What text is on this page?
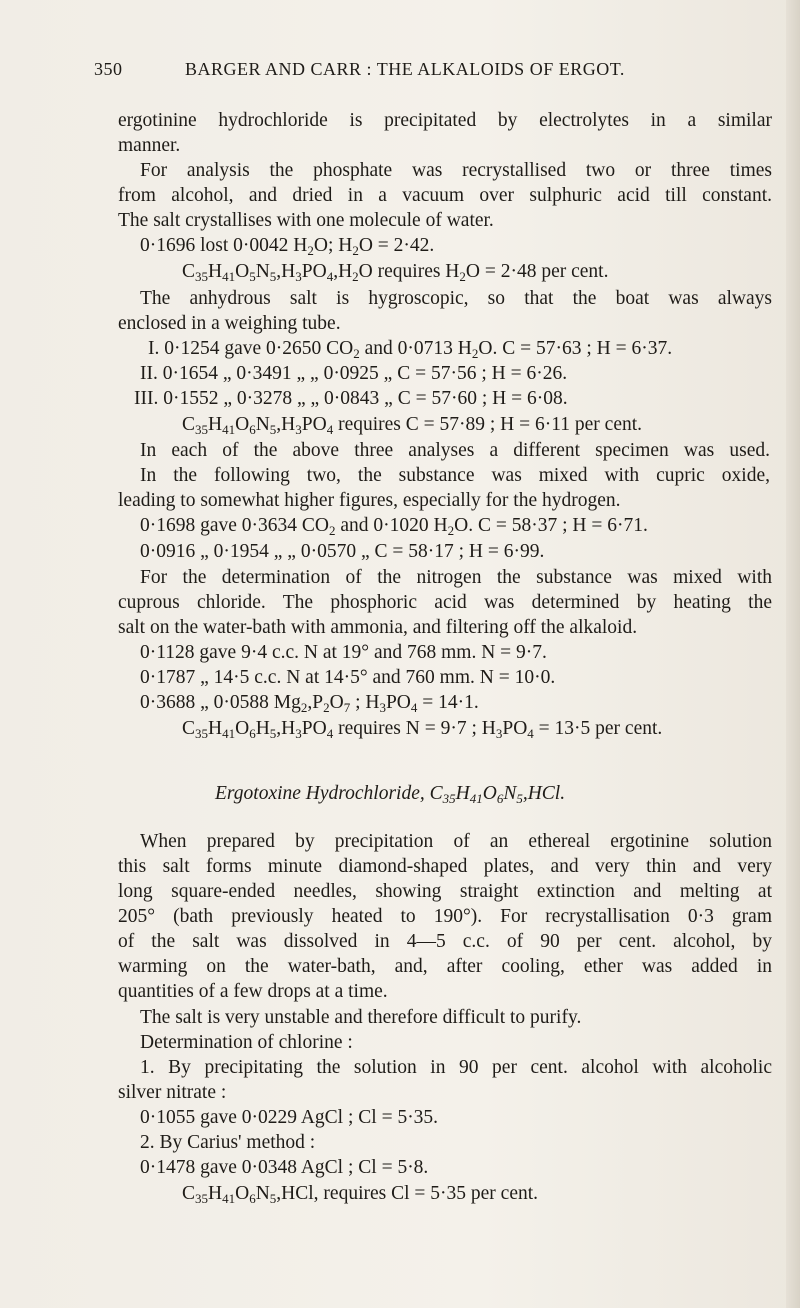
350	BARGER AND CARR : THE ALKALOIDS OF ERGOT.
ergotinine hydrochloride is precipitated by electrolytes in a similar
manner.
For analysis the phosphate was recrystallised two or three times
from alcohol, and dried in a vacuum over sulphuric acid till constant.
The salt crystallises with one molecule of water.
0·1696 lost 0·0042 $H_2O$; $H_2O = 2\cdot 42$.
$C_{35}H_{41}O_5N_5,H_3PO_4,H_2O$ requires $H_2O = 2\cdot 48$ per cent.
The anhydrous salt is hygroscopic, so that the boat was always
enclosed in a weighing tube.
I. 0·1254 gave 0·2650 $CO_2$ and 0·0713 $H_2O$. C = 57·63 ; H = 6·37.
II. 0·1654 „ 0·3491 „ „ 0·0925 „ C = 57·56 ; H = 6·26.
III. 0·1552 „ 0·3278 „ „ 0·0843 „ C = 57·60 ; H = 6·08.
$C_{35}H_{41}O_6N_5,H_3PO_4$ requires C = 57·89 ; H = 6·11 per cent.
In each of the above three analyses a different specimen was used.
In the following two, the substance was mixed with cupric oxide,
leading to somewhat higher figures, especially for the hydrogen.
0·1698 gave 0·3634 $CO_2$ and 0·1020 $H_2O$. C = 58·37 ; H = 6·71.
0·0916 „ 0·1954 „ „ 0·0570 „ C = 58·17 ; H = 6·99.
For the determination of the nitrogen the substance was mixed with
cuprous chloride. The phosphoric acid was determined by heating the
salt on the water-bath with ammonia, and filtering off the alkaloid.
0·1128 gave 9·4 c.c. N at 19° and 768 mm. N = 9·7.
0·1787 „ 14·5 c.c. N at 14·5° and 760 mm. N = 10·0.
0·3688 „ 0·0588 $Mg_2,P_2O_7$ ; $H_3PO_4 = 14\cdot 1$.
$C_{35}H_{41}O_6H_5,H_3PO_4$ requires N = 9·7 ; $H_3PO_4 = 13\cdot 5$ per cent.
Ergotoxine Hydrochloride, $C_{35}H_{41}O_6N_5,HCl$.
When prepared by precipitation of an ethereal ergotinine solution
this salt forms minute diamond-shaped plates, and very thin and very
long square-ended needles, showing straight extinction and melting at
205° (bath previously heated to 190°). For recrystallisation 0·3 gram
of the salt was dissolved in 4—5 c.c. of 90 per cent. alcohol, by
warming on the water-bath, and, after cooling, ether was added in
quantities of a few drops at a time.
The salt is very unstable and therefore difficult to purify.
Determination of chlorine :
1. By precipitating the solution in 90 per cent. alcohol with alcoholic
silver nitrate :
0·1055 gave 0·0229 AgCl ; Cl = 5·35.
2. By Carius' method :
0·1478 gave 0·0348 AgCl ; Cl = 5·8.
$C_{35}H_{41}O_6N_5,HCl$, requires Cl = 5·35 per cent.
